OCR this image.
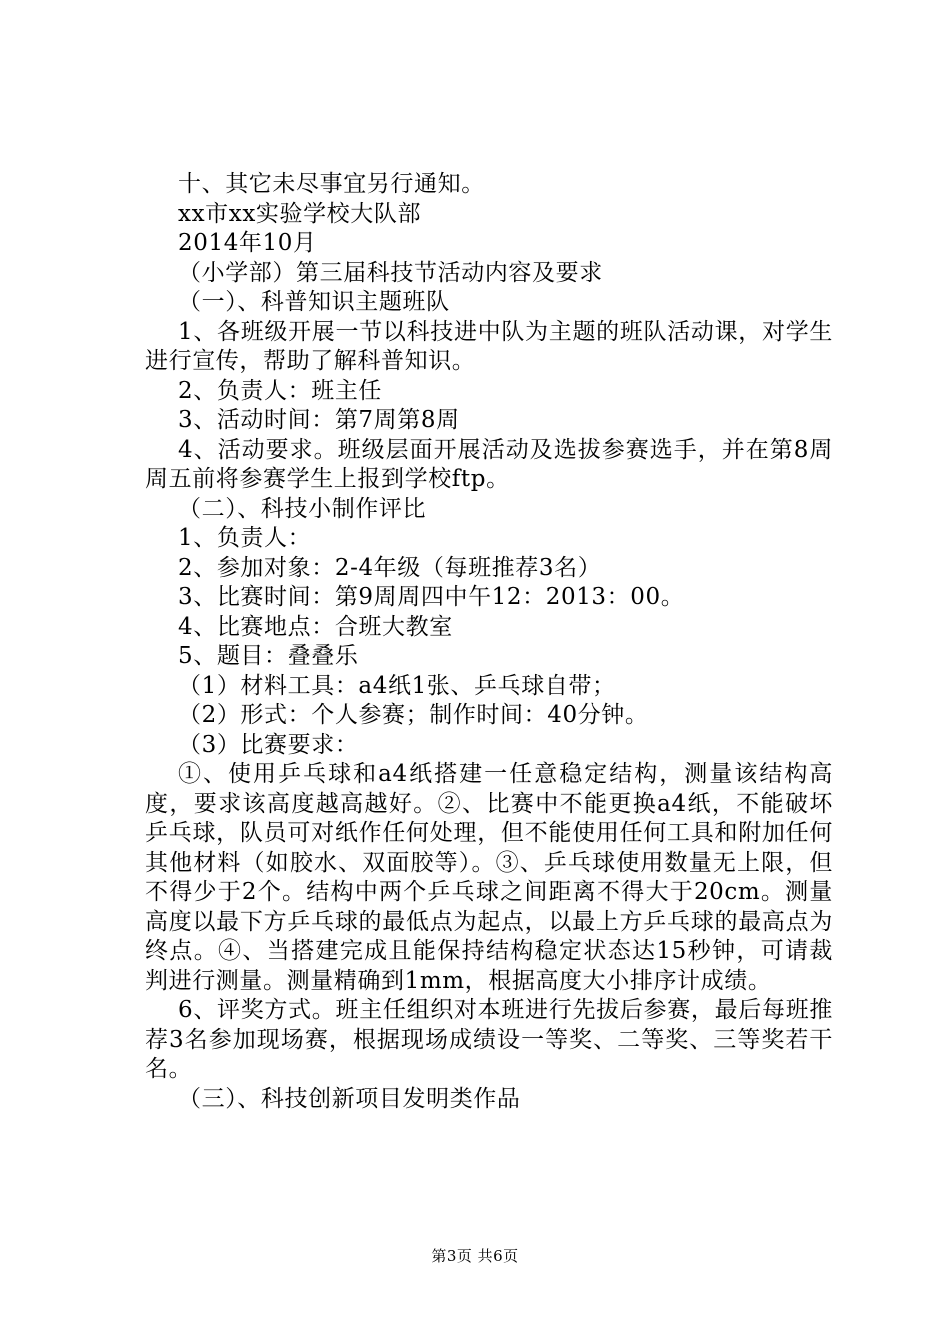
十、其它未尽事宜另行通知。

xx市xx实验学校大队部

2014年10月

（小学部）第三届科技节活动内容及要求

（一）、科普知识主题班队

1、各班级开展一节以科技进中队为主题的班队活动课，对学生进行宣传，帮助了解科普知识。

2、负责人：班主任

3、活动时间：第7周第8周

4、活动要求。班级层面开展活动及选拔参赛选手，并在第8周周五前将参赛学生上报到学校ftp。

（二）、科技小制作评比

1、负责人：

2、参加对象：2-4年级（每班推荐3名）

3、比赛时间：第9周周四中午12：2013：00。

4、比赛地点：合班大教室

5、题目：叠叠乐

（1）材料工具：a4纸1张、乒乓球自带；

（2）形式：个人参赛；制作时间：40分钟。

（3）比赛要求：

①、使用乒乓球和a4纸搭建一任意稳定结构，测量该结构高度，要求该高度越高越好。②、比赛中不能更换a4纸，不能破坏乒乓球，队员可对纸作任何处理，但不能使用任何工具和附加任何其他材料（如胶水、双面胶等）。③、乒乓球使用数量无上限，但不得少于2个。结构中两个乒乓球之间距离不得大于20cm。测量高度以最下方乒乓球的最低点为起点，以最上方乒乓球的最高点为终点。④、当搭建完成且能保持结构稳定状态达15秒钟，可请裁判进行测量。测量精确到1mm，根据高度大小排序计成绩。

6、评奖方式。班主任组织对本班进行先拔后参赛，最后每班推荐3名参加现场赛，根据现场成绩设一等奖、二等奖、三等奖若干名。

（三）、科技创新项目发明类作品

第3页 共6页
